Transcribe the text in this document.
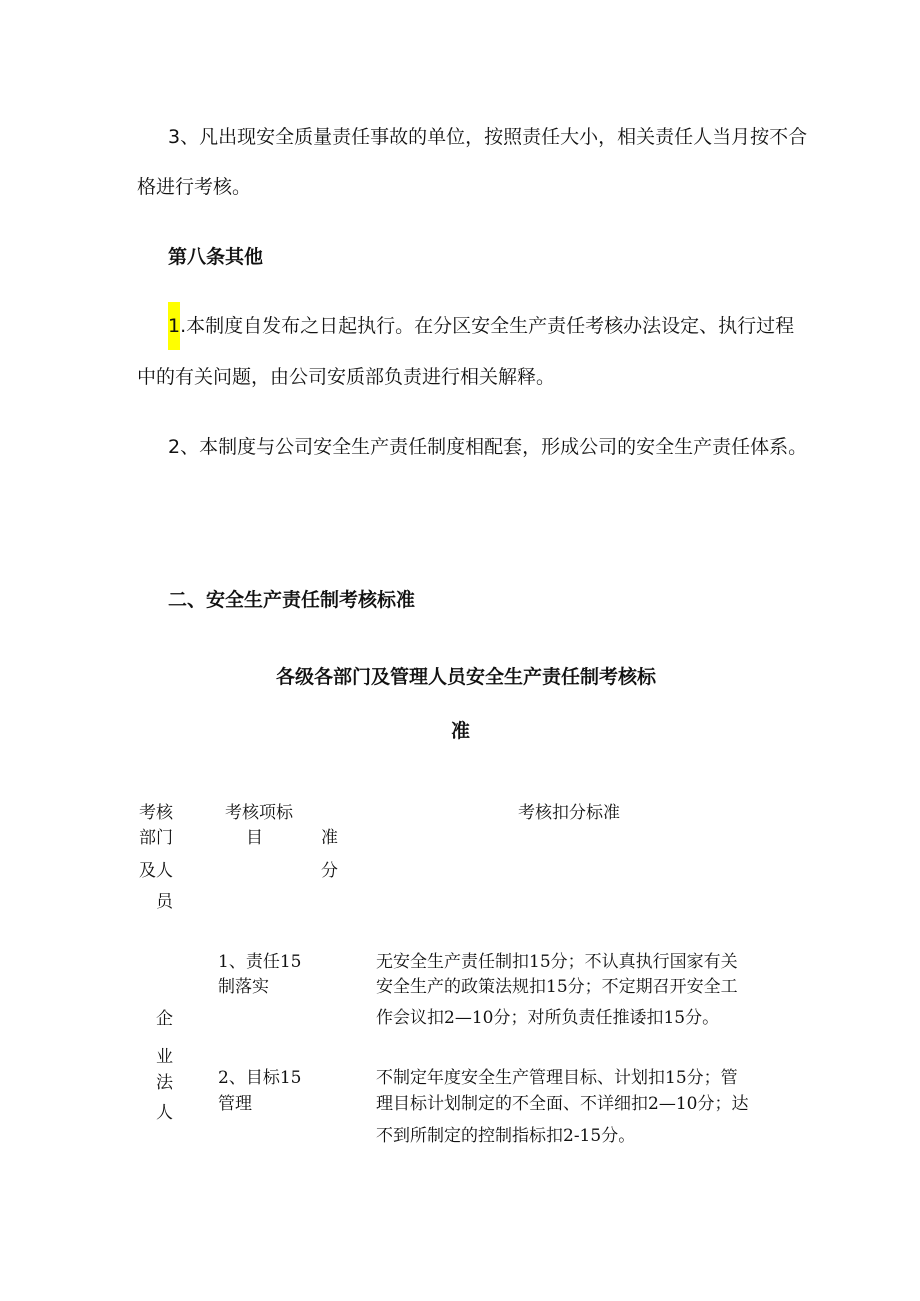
3、凡出现安全质量责任事故的单位，按照责任大小，相关责任人当月按不合
格进行考核。
第八条其他
1.本制度自发布之日起执行。在分区安全生产责任考核办法设定、执行过程
中的有关问题，由公司安质部负责进行相关解释。
2、本制度与公司安全生产责任制度相配套，形成公司的安全生产责任体系。
二、安全生产责任制考核标准
各级各部门及管理人员安全生产责任制考核标
准
考核
部门
及人
员
考核项标
目	准
分
考核扣分标准
企
业
法
人
1、责任15
制落实
无安全生产责任制扣15分；不认真执行国家有关
安全生产的政策法规扣15分；不定期召开安全工
作会议扣2—10分；对所负责任推诿扣15分。
2、目标15
管理
不制定年度安全生产管理目标、计划扣15分；管
理目标计划制定的不全面、不详细扣2—10分；达
不到所制定的控制指标扣2-15分。
